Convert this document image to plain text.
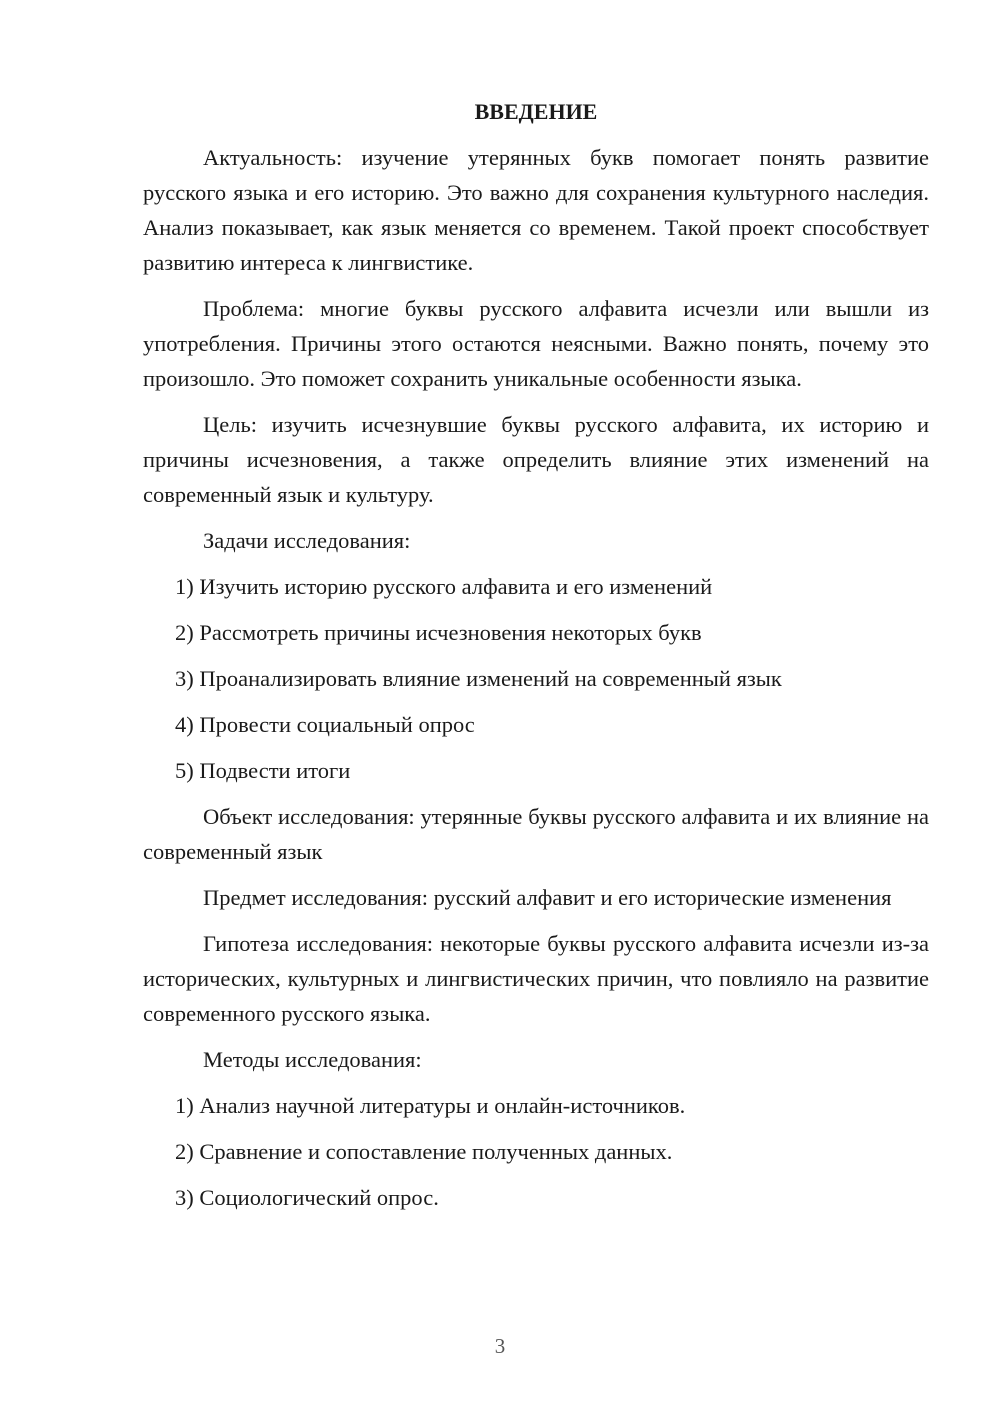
ВВЕДЕНИЕ

Актуальность: изучение утерянных букв помогает понять развитие русского языка и его историю. Это важно для сохранения культурного наследия. Анализ показывает, как язык меняется со временем. Такой проект способствует развитию интереса к лингвистике.

Проблема: многие буквы русского алфавита исчезли или вышли из употребления. Причины этого остаются неясными. Важно понять, почему это произошло. Это поможет сохранить уникальные особенности языка.

Цель: изучить исчезнувшие буквы русского алфавита, их историю и причины исчезновения, а также определить влияние этих изменений на современный язык и культуру.

Задачи исследования:
1) Изучить историю русского алфавита и его изменений
2) Рассмотреть причины исчезновения некоторых букв
3) Проанализировать влияние изменений на современный язык
4) Провести социальный опрос
5) Подвести итоги

Объект исследования: утерянные буквы русского алфавита и их влияние на современный язык

Предмет исследования: русский алфавит и его исторические изменения

Гипотеза исследования: некоторые буквы русского алфавита исчезли из-за исторических, культурных и лингвистических причин, что повлияло на развитие современного русского языка.

Методы исследования:
1) Анализ научной литературы и онлайн-источников.
2) Сравнение и сопоставление полученных данных.
3) Социологический опрос.
3
